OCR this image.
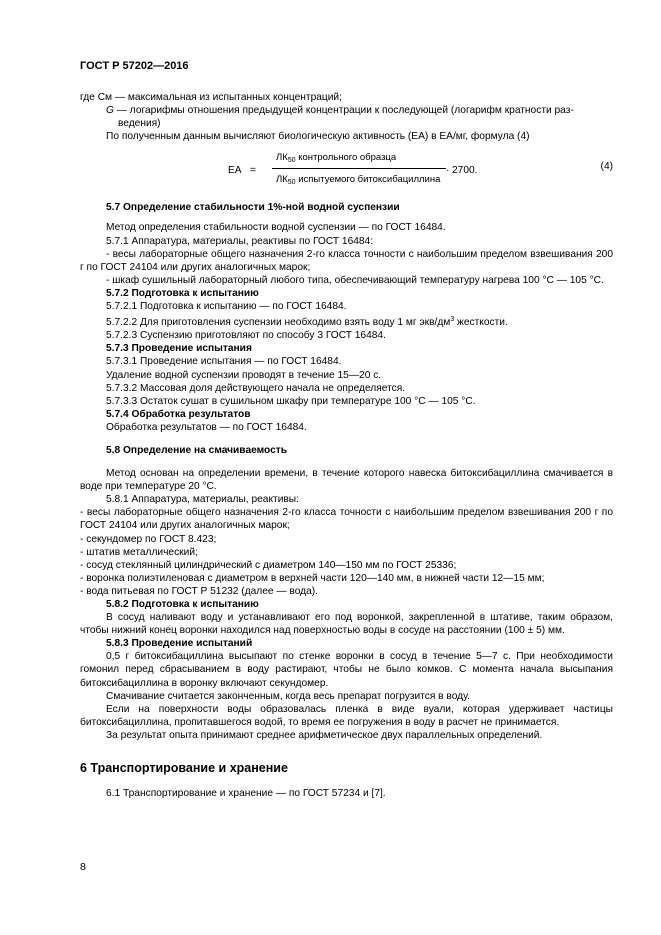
ГОСТ Р 57202—2016

где См — максимальная из испытанных концентраций;

G — логарифмы отношения предыдущей концентрации к последующей (логарифм кратности раз-

ведения)

По полученным данным вычисляют биологическую активность (ЕА) в ЕА/мг, формула (4)

ЕА =
$ЛК_{50}$ контрольного образца
$ЛК_{50}$ испытуемого битоксибациллина
· 2700.	(4)

5.7 Определение стабильности 1%-ной водной суспензии

Метод определения стабильности водной суспензии — по ГОСТ 16484.

5.7.1 Аппаратура, материалы, реактивы по ГОСТ 16484:

- весы лабораторные общего назначения 2-го класса точности с наибольшим пределом взвешивания 200 г по ГОСТ 24104 или других аналогичных марок;

- шкаф сушильный лабораторный любого типа, обеспечивающий температуру нагрева 100 °С — 105 °С.

5.7.2 Подготовка к испытанию

5.7.2.1 Подготовка к испытанию — по ГОСТ 16484.

5.7.2.2 Для приготовления суспензии необходимо взять воду 1 мг экв/$дм^3$ жесткости.

5.7.2.3 Суспензию приготовляют по способу 3 ГОСТ 16484.

5.7.3 Проведение испытания

5.7.3.1 Проведение испытания — по ГОСТ 16484.

Удаление водной суспензии проводят в течение 15—20 с.

5.7.3.2 Массовая доля действующего начала не определяется.

5.7.3.3 Остаток сушат в сушильном шкафу при температуре 100 °С — 105 °С.

5.7.4 Обработка результатов

Обработка результатов — по ГОСТ 16484.

5.8 Определение на смачиваемость

Метод основан на определении времени, в течение которого навеска битоксибациллина смачивается в воде при температуре 20 °С.

5.8.1 Аппаратура, материалы, реактивы:

- весы лабораторные общего назначения 2-го класса точности с наибольшим пределом взвешивания 200 г по ГОСТ 24104 или других аналогичных марок;

- секундомер по ГОСТ 8.423;

- штатив металлический;

- сосуд стеклянный цилиндрический с диаметром 140—150 мм по ГОСТ 25336;

- воронка полиэтиленовая с диаметром в верхней части 120—140 мм, в нижней части 12—15 мм;

- вода питьевая по ГОСТ Р 51232 (далее — вода).

5.8.2 Подготовка к испытанию

В сосуд наливают воду и устанавливают его под воронкой, закрепленной в штативе, таким образом, чтобы нижний конец воронки находился над поверхностью воды в сосуде на расстоянии (100 ± 5) мм.

5.8.3 Проведение испытаний

0,5 г битоксибациллина высыпают по стенке воронки в сосуд в течение 5—7 с. При необходимости гомонил перед сбрасыванием в воду растирают, чтобы не было комков. С момента начала высыпания битоксибациллина в воронку включают секундомер.

Смачивание считается законченным, когда весь препарат погрузится в воду.

Если на поверхности воды образовалась пленка в виде вуали, которая удерживает частицы битоксибациллина, пропитавшегося водой, то время ее погружения в воду в расчет не принимается.

За результат опыта принимают среднее арифметическое двух параллельных определений.

6 Транспортирование и хранение

6.1 Транспортирование и хранение — по ГОСТ 57234 и [7].

8
